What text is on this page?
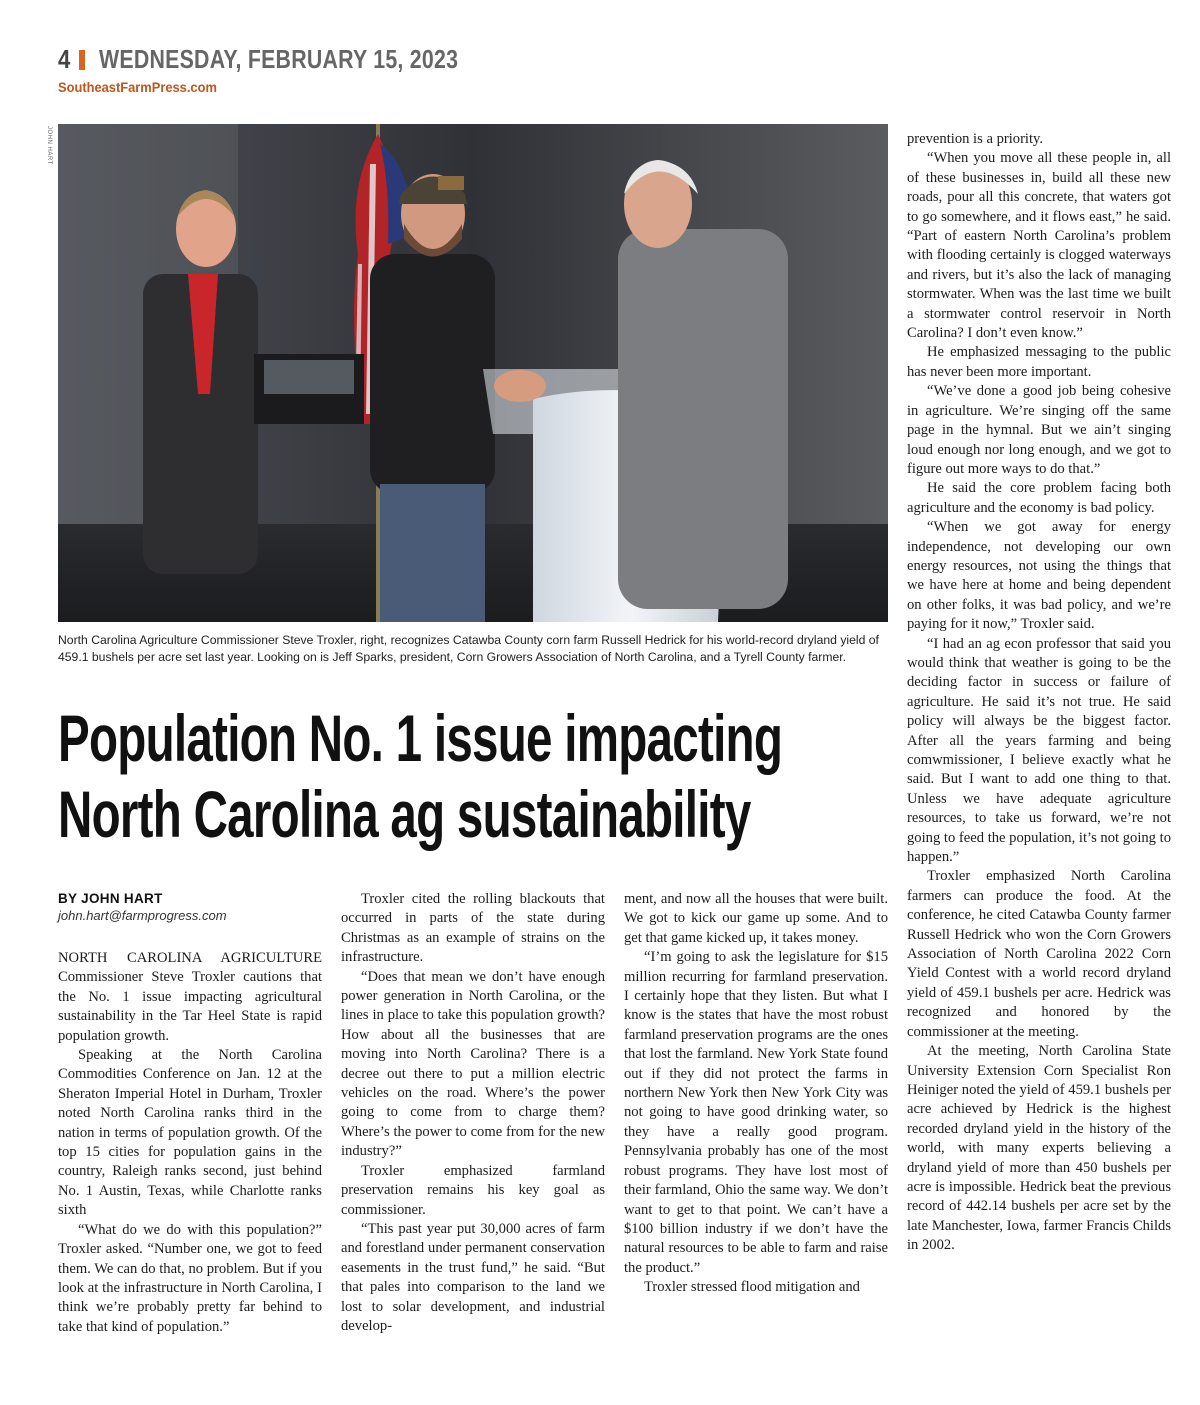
4 WEDNESDAY, FEBRUARY 15, 2023
SoutheastFarmPress.com
JOHN HART
North Carolina Agriculture Commissioner Steve Troxler, right, recognizes Catawba County corn farm Russell Hedrick for his world-record dryland yield of 459.1 bushels per acre set last year. Looking on is Jeff Sparks, president, Corn Growers Association of North Carolina, and a Tyrell County farmer.
Population No. 1 issue impacting
North Carolina ag sustainability
BY JOHN HART
john.hart@farmprogress.com

NORTH CAROLINA AGRICULTURE Commissioner Steve Troxler cautions that the No. 1 issue impacting agricultural sustainability in the Tar Heel State is rapid population growth.

Speaking at the North Carolina Commodities Conference on Jan. 12 at the Sheraton Imperial Hotel in Durham, Troxler noted North Carolina ranks third in the nation in terms of population growth. Of the top 15 cities for population gains in the country, Raleigh ranks second, just behind No. 1 Austin, Texas, while Charlotte ranks sixth

“What do we do with this population?” Troxler asked. “Number one, we got to feed them. We can do that, no problem. But if you look at the infrastructure in North Carolina, I think we’re probably pretty far behind to take that kind of population.”

Troxler cited the rolling blackouts that occurred in parts of the state during Christmas as an example of strains on the infrastructure.

“Does that mean we don’t have enough power generation in North Carolina, or the lines in place to take this population growth? How about all the businesses that are moving into North Carolina? There is a decree out there to put a million electric vehicles on the road. Where’s the power going to come from to charge them? Where’s the power to come from for the new industry?”

Troxler emphasized farmland preservation remains his key goal as commissioner.

“This past year put 30,000 acres of farm and forestland under permanent conservation easements in the trust fund,” he said. “But that pales into comparison to the land we lost to solar development, and industrial develop-

ment, and now all the houses that were built. We got to kick our game up some. And to get that game kicked up, it takes money.

“I’m going to ask the legislature for $15 million recurring for farmland preservation. I certainly hope that they listen. But what I know is the states that have the most robust farmland preservation programs are the ones that lost the farmland. New York State found out if they did not protect the farms in northern New York then New York City was not going to have good drinking water, so they have a really good program. Pennsylvania probably has one of the most robust programs. They have lost most of their farmland, Ohio the same way. We don’t want to get to that point. We can’t have a $100 billion industry if we don’t have the natural resources to be able to farm and raise the product.”

Troxler stressed flood mitigation and

prevention is a priority.

“When you move all these people in, all of these businesses in, build all these new roads, pour all this concrete, that waters got to go somewhere, and it flows east,” he said. “Part of eastern North Carolina’s problem with flooding certainly is clogged waterways and rivers, but it’s also the lack of managing stormwater. When was the last time we built a stormwater control reservoir in North Carolina? I don’t even know.”

He emphasized messaging to the public has never been more important.

“We’ve done a good job being cohesive in agriculture. We’re singing off the same page in the hymnal. But we ain’t singing loud enough nor long enough, and we got to figure out more ways to do that.”

He said the core problem facing both agriculture and the economy is bad policy.

“When we got away for energy independence, not developing our own energy resources, not using the things that we have here at home and being dependent on other folks, it was bad policy, and we’re paying for it now,” Troxler said.

“I had an ag econ professor that said you would think that weather is going to be the deciding factor in success or failure of agriculture. He said it’s not true. He said policy will always be the biggest factor. After all the years farming and being comwmissioner, I believe exactly what he said. But I want to add one thing to that. Unless we have adequate agriculture resources, to take us forward, we’re not going to feed the population, it’s not going to happen.”

Troxler emphasized North Carolina farmers can produce the food. At the conference, he cited Catawba County farmer Russell Hedrick who won the Corn Growers Association of North Carolina 2022 Corn Yield Contest with a world record dryland yield of 459.1 bushels per acre. Hedrick was recognized and honored by the commissioner at the meeting.

At the meeting, North Carolina State University Extension Corn Specialist Ron Heiniger noted the yield of 459.1 bushels per acre achieved by Hedrick is the highest recorded dryland yield in the history of the world, with many experts believing a dryland yield of more than 450 bushels per acre is impossible. Hedrick beat the previous record of 442.14 bushels per acre set by the late Manchester, Iowa, farmer Francis Childs in 2002.
